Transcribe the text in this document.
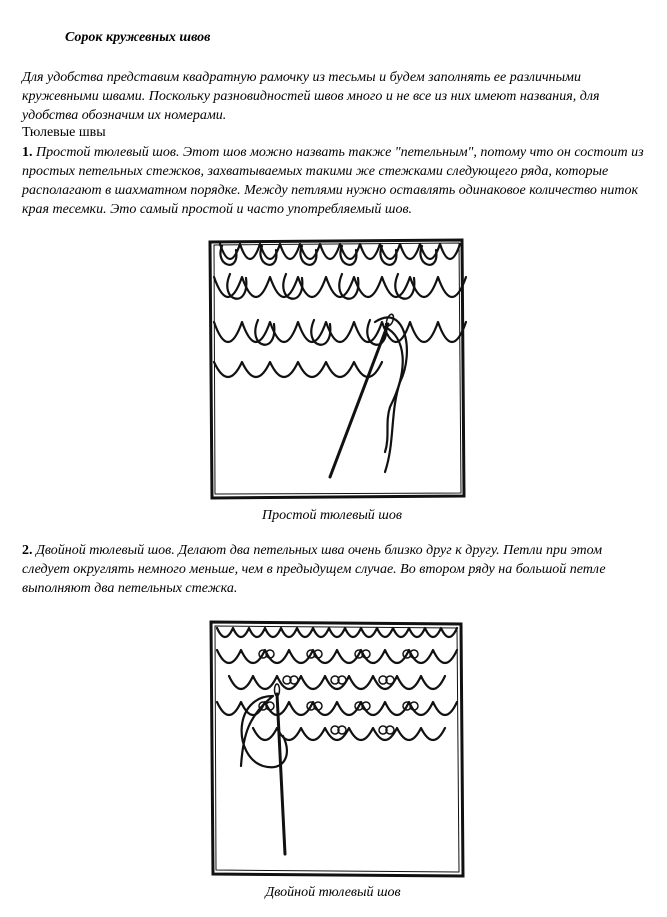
Сорок кружевных швов

Для удобства представим квадратную рамочку из тесьмы и будем заполнять ее различными кружевными швами. Поскольку разновидностей швов много и не все из них имеют названия, для удобства обозначим их номерами.

Тюлевые швы

1. Простой тюлевый шов. Этот шов можно назвать также "петельным", потому что он состоит из простых петельных стежков, захватываемых такими же стежками следующего ряда, которые располагают в шахматном порядке. Между петлями нужно оставлять одинаковое количество ниток края тесемки. Это самый простой и часто употребляемый шов.

Простой тюлевый шов

2. Двойной тюлевый шов. Делают два петельных шва очень близко друг к другу. Петли при этом следует округлять немного меньше, чем в предыдущем случае. Во втором ряду на большой петле выполняют два петельных стежка.

Двойной тюлевый шов
